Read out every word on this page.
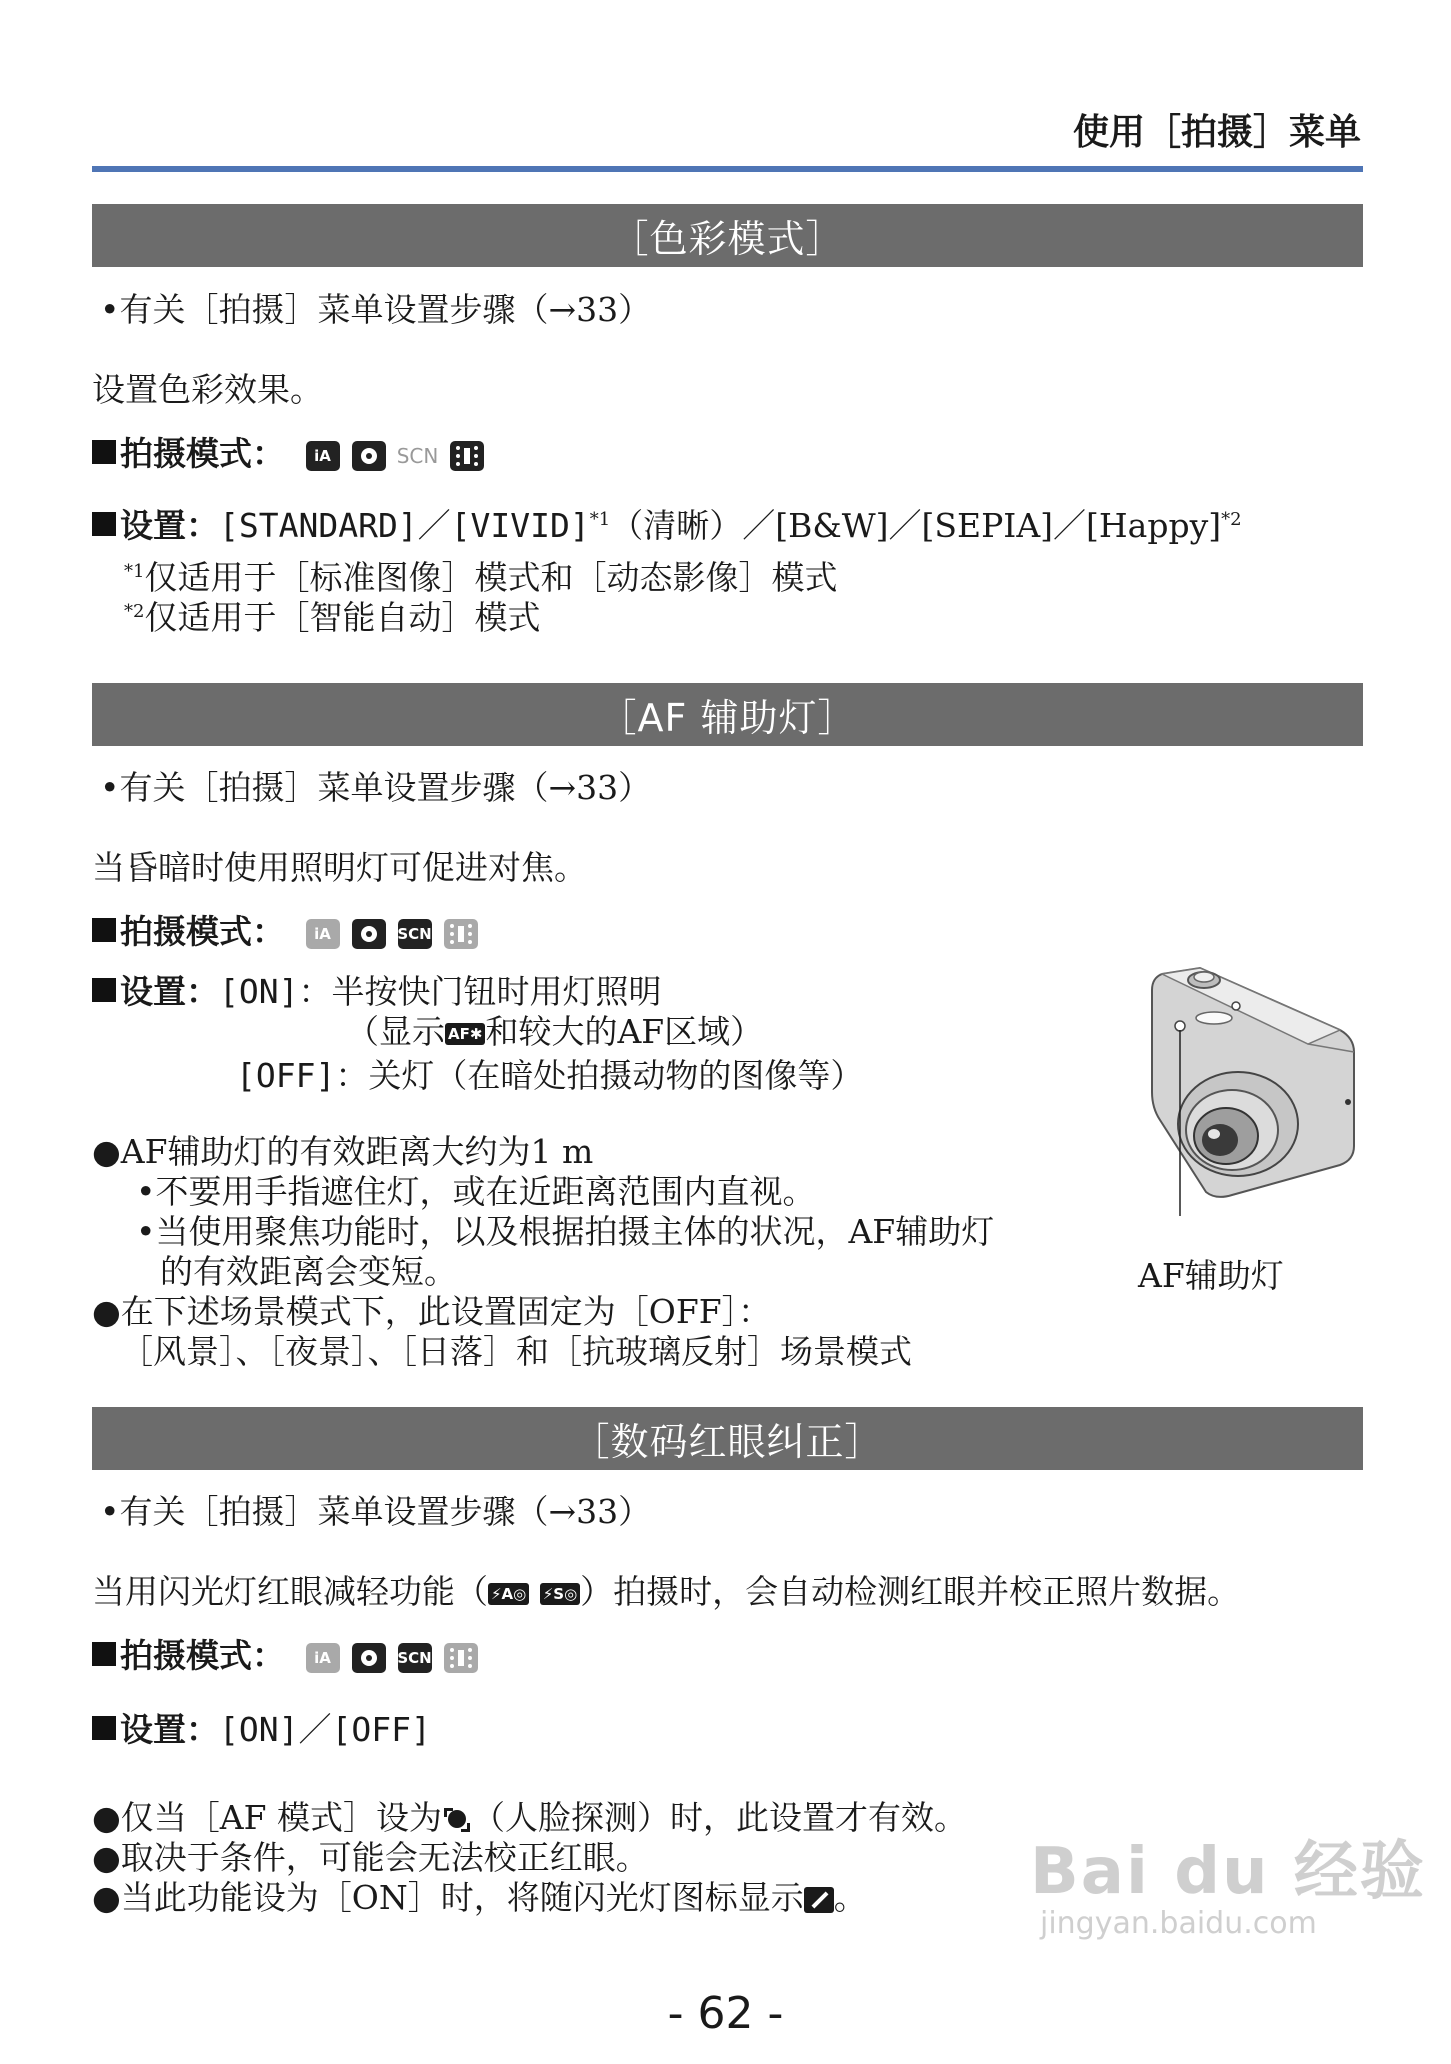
使用［拍摄］菜单
［色彩模式］
•有关［拍摄］菜单设置步骤（→33）
设置色彩效果。
拍摄模式： iA	SCN
设置：[STANDARD]／[VIVID]$^{*1}$（清晰）／[B&W]／[SEPIA]／[Happy]$^{*2}$
$^{*1}$仅适用于［标准图像］模式和［动态影像］模式
$^{*2}$仅适用于［智能自动］模式
［AF 辅助灯］
•有关［拍摄］菜单设置步骤（→33）
当昏暗时使用照明灯可促进对焦。
拍摄模式： iA	SCN
设置：[ON]：半按快门钮时用灯照明
（显示 AF✱和较大的AF区域）
[OFF]：关灯（在暗处拍摄动物的图像等）
●AF辅助灯的有效距离大约为1 m
•不要用手指遮住灯，或在近距离范围内直视。
•当使用聚焦功能时，以及根据拍摄主体的状况，AF辅助灯
的有效距离会变短。
●在下述场景模式下，此设置固定为［OFF］：
［风景］、［夜景］、［日落］和［抗玻璃反射］场景模式
AF辅助灯
［数码红眼纠正］
•有关［拍摄］菜单设置步骤（→33）
当用闪光灯红眼减轻功能（ ⚡A◎ ⚡S◎）拍摄时，会自动检测红眼并校正照片数据。
拍摄模式： iA	SCN
设置：[ON]／[OFF]
●仅当［AF 模式］设为 （人脸探测）时，此设置才有效。
●取决于条件，可能会无法校正红眼。
●当此功能设为［ON］时，将随闪光灯图标显示 。	Bai du 经验
jingyan.baidu.com
- 62 -
